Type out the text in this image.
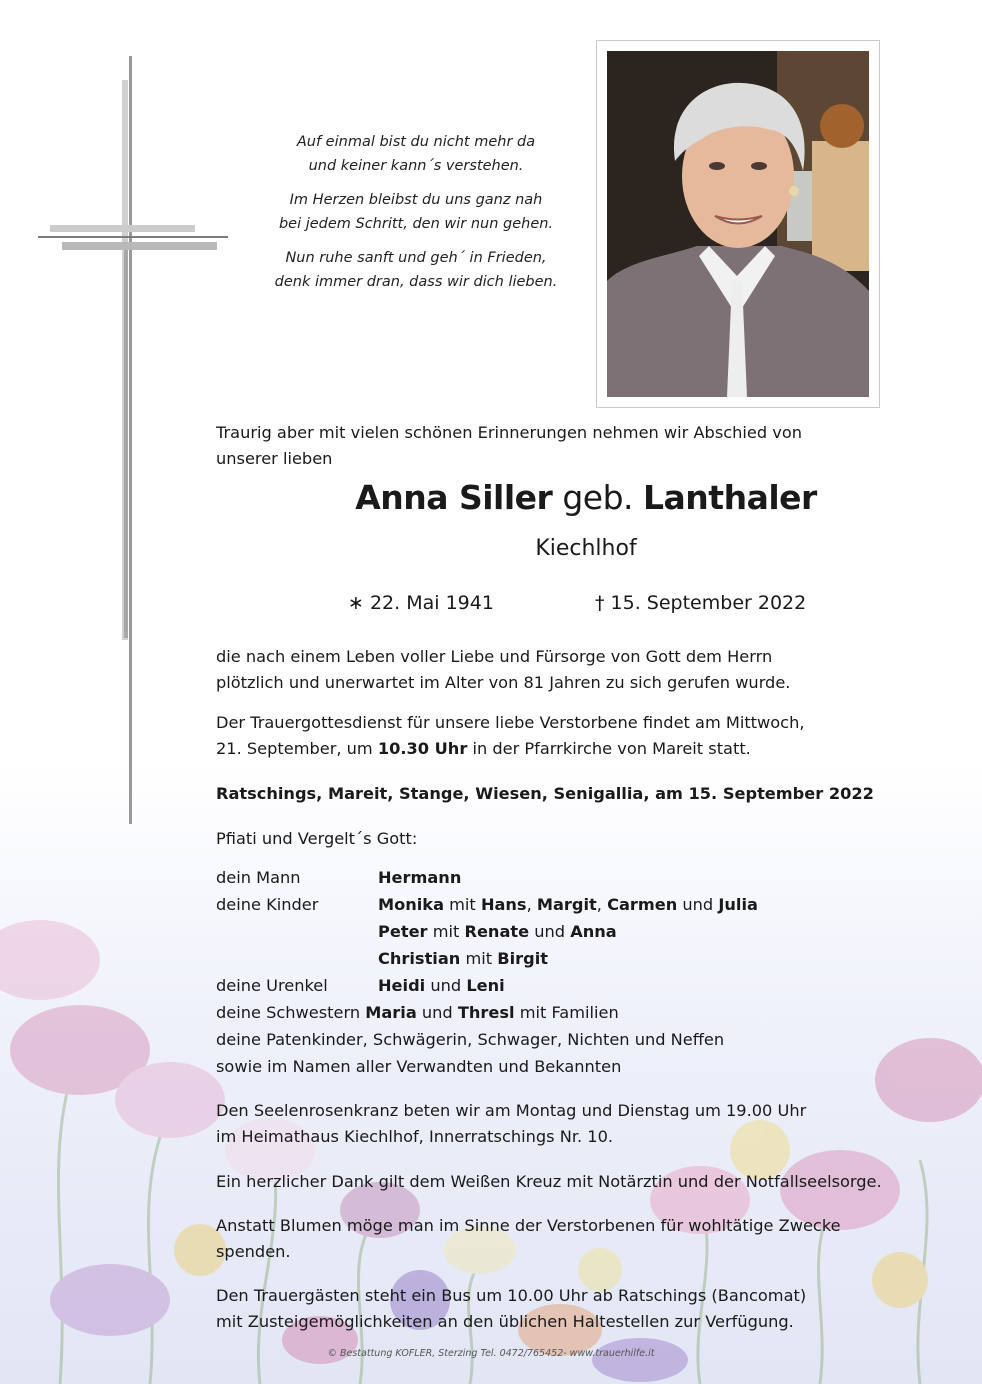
Auf einmal bist du nicht mehr da
und keiner kann´s verstehen.

Im Herzen bleibst du uns ganz nah
bei jedem Schritt, den wir nun gehen.

Nun ruhe sanft und geh´ in Frieden,
denk immer dran, dass wir dich lieben.

Traurig aber mit vielen schönen Erinnerungen nehmen wir Abschied von
unserer lieben
Anna Siller geb. Lanthaler
Kiechlhof
∗ 22. Mai 1941	† 15. September 2022
die nach einem Leben voller Liebe und Fürsorge von Gott dem Herrn
plötzlich und unerwartet im Alter von 81 Jahren zu sich gerufen wurde.
Der Trauergottesdienst für unsere liebe Verstorbene findet am Mittwoch,
21. September, um 10.30 Uhr in der Pfarrkirche von Mareit statt.
Ratschings, Mareit, Stange, Wiesen, Senigallia, am 15. September 2022
Pfiati und Vergelt´s Gott:
dein Mann	Hermann
deine Kinder	Monika mit Hans, Margit, Carmen und Julia
Peter mit Renate und Anna
Christian mit Birgit
deine Urenkel	Heidi und Leni
deine Schwestern Maria und Thresl mit Familien
deine Patenkinder, Schwägerin, Schwager, Nichten und Neffen
sowie im Namen aller Verwandten und Bekannten
Den Seelenrosenkranz beten wir am Montag und Dienstag um 19.00 Uhr
im Heimathaus Kiechlhof, Innerratschings Nr. 10.
Ein herzlicher Dank gilt dem Weißen Kreuz mit Notärztin und der Notfallseelsorge.
Anstatt Blumen möge man im Sinne der Verstorbenen für wohltätige Zwecke
spenden.
Den Trauergästen steht ein Bus um 10.00 Uhr ab Ratschings (Bancomat)
mit Zusteigemöglichkeiten an den üblichen Haltestellen zur Verfügung.
© Bestattung KOFLER, Sterzing Tel. 0472/765452- www.trauerhilfe.it
